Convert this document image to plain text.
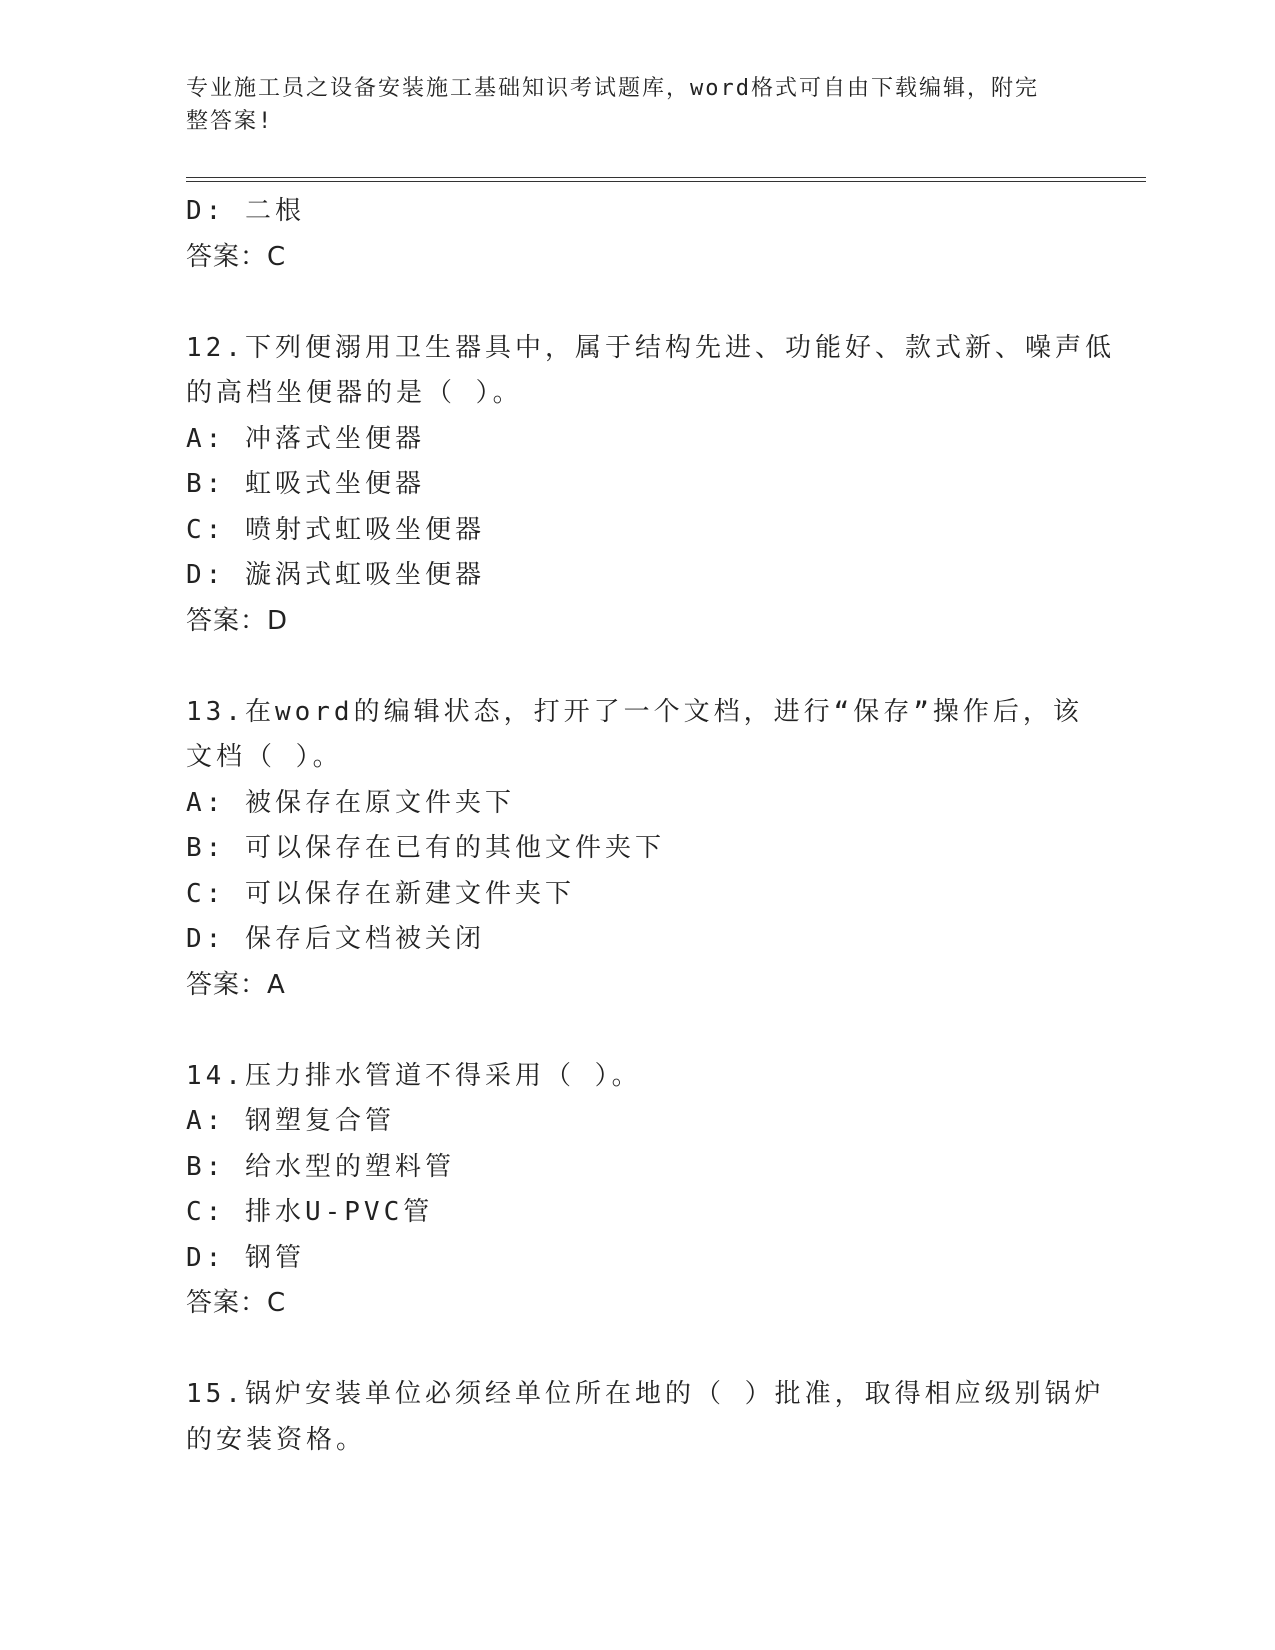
专业施工员之设备安装施工基础知识考试题库，word格式可自由下载编辑，附完
整答案!
D: 二根
答案：C
12.下列便溺用卫生器具中，属于结构先进、功能好、款式新、噪声低
的高档坐便器的是（ ）。
A: 冲落式坐便器
B: 虹吸式坐便器
C: 喷射式虹吸坐便器
D: 漩涡式虹吸坐便器
答案：D
13.在word的编辑状态，打开了一个文档，进行“保存”操作后，该
文档（ ）。
A: 被保存在原文件夹下
B: 可以保存在已有的其他文件夹下
C: 可以保存在新建文件夹下
D: 保存后文档被关闭
答案：A
14.压力排水管道不得采用（ ）。
A: 钢塑复合管
B: 给水型的塑料管
C: 排水U-PVC管
D: 钢管
答案：C
15.锅炉安装单位必须经单位所在地的（ ）批准，取得相应级别锅炉
的安装资格。
